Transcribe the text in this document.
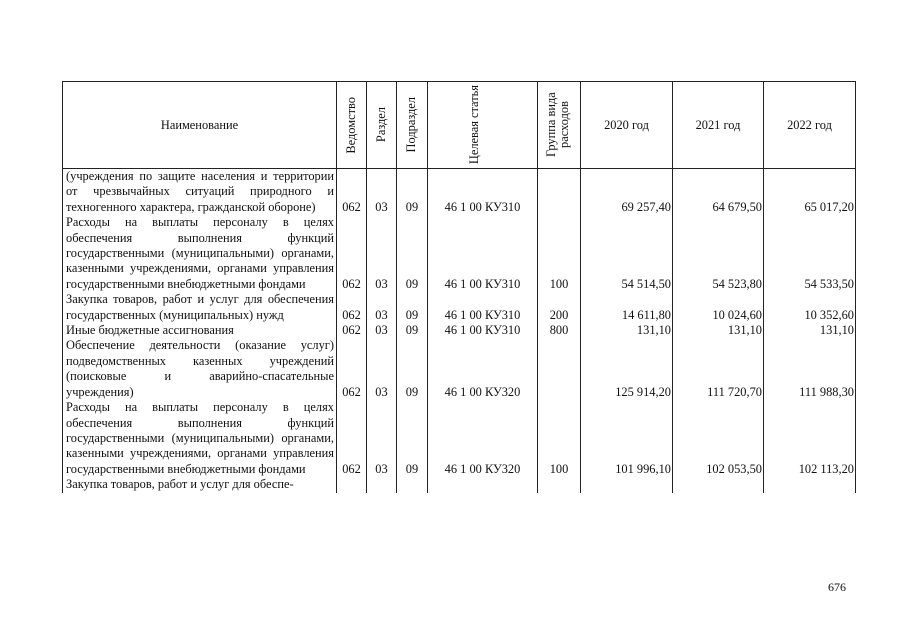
Наименование	Ведомство	Раздел	Подраздел	Целевая статья	Группа вида расходов	2020 год	2021 год	2022 год
(учреждения по защите населения и территории от чрезвычайных ситуаций природного и техногенного характера, гражданской обороне)	062	03	09	46 1 00 КУ310		69 257,40	64 679,50	65 017,20
Расходы на выплаты персоналу в целях обеспечения выполнения функций государственными (муниципальными) органами, казенными учреждениями, органами управления государственными внебюджетными фондами	062	03	09	46 1 00 КУ310	100	54 514,50	54 523,80	54 533,50
Закупка товаров, работ и услуг для обеспечения государственных (муниципальных) нужд	062	03	09	46 1 00 КУ310	200	14 611,80	10 024,60	10 352,60
Иные бюджетные ассигнования	062	03	09	46 1 00 КУ310	800	131,10	131,10	131,10
Обеспечение деятельности (оказание услуг) подведомственных казенных учреждений (поисковые и аварийно-спасательные учреждения)	062	03	09	46 1 00 КУ320		125 914,20	111 720,70	111 988,30
Расходы на выплаты персоналу в целях обеспечения выполнения функций государственными (муниципальными) органами, казенными учреждениями, органами управления государственными внебюджетными фондами	062	03	09	46 1 00 КУ320	100	101 996,10	102 053,50	102 113,20
Закупка товаров, работ и услуг для обеспе-								
676
